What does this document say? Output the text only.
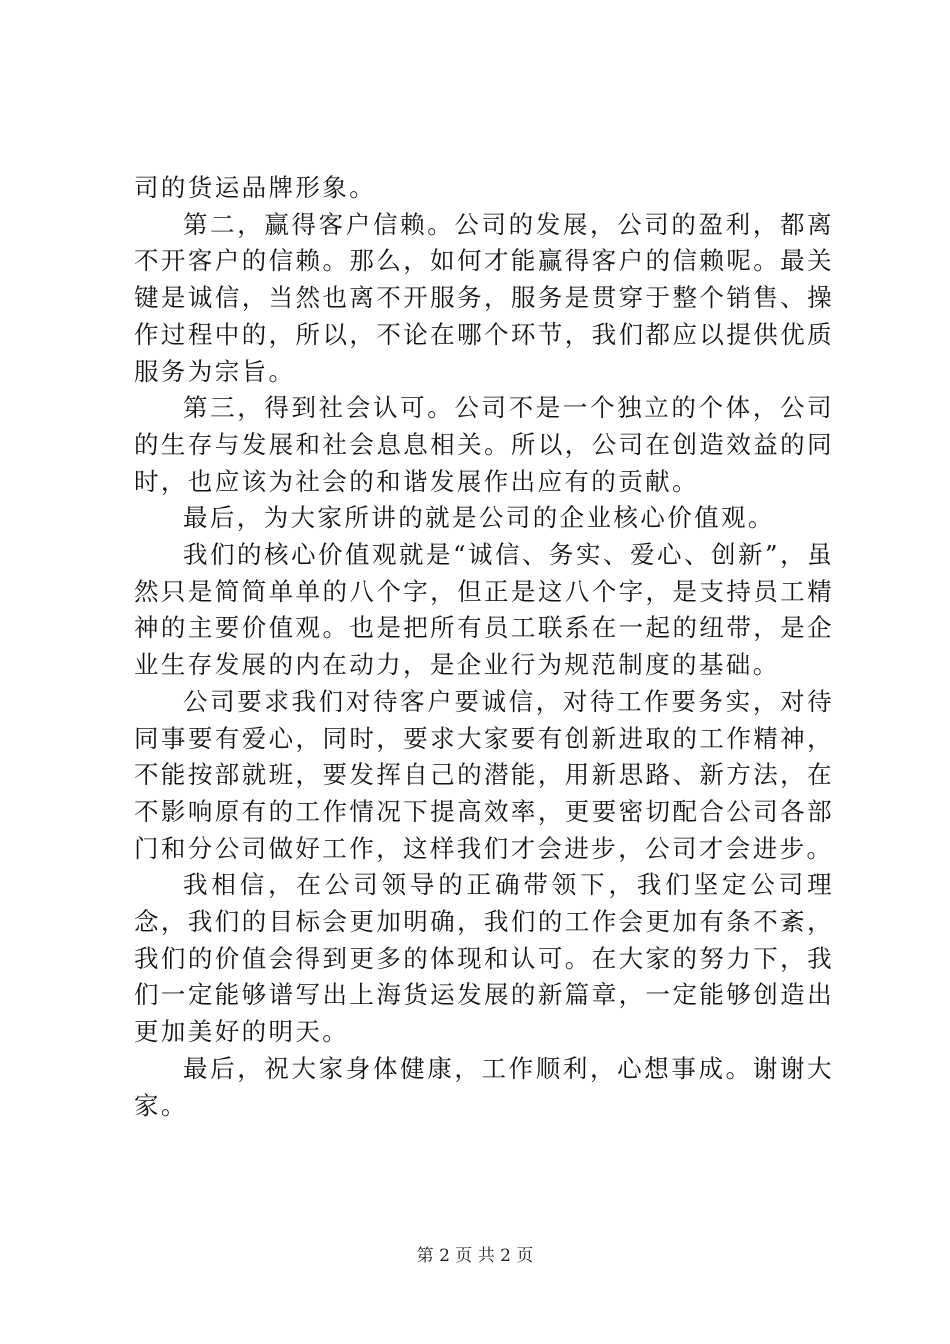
司的货运品牌形象。

第二，赢得客户信赖。公司的发展，公司的盈利，都离不开客户的信赖。那么，如何才能赢得客户的信赖呢。最关键是诚信，当然也离不开服务，服务是贯穿于整个销售、操作过程中的，所以，不论在哪个环节，我们都应以提供优质服务为宗旨。

第三，得到社会认可。公司不是一个独立的个体，公司的生存与发展和社会息息相关。所以，公司在创造效益的同时，也应该为社会的和谐发展作出应有的贡献。

最后，为大家所讲的就是公司的企业核心价值观。

我们的核心价值观就是“诚信、务实、爱心、创新”，虽然只是简简单单的八个字，但正是这八个字，是支持员工精神的主要价值观。也是把所有员工联系在一起的纽带，是企业生存发展的内在动力，是企业行为规范制度的基础。

公司要求我们对待客户要诚信，对待工作要务实，对待同事要有爱心，同时，要求大家要有创新进取的工作精神，不能按部就班，要发挥自己的潜能，用新思路、新方法，在不影响原有的工作情况下提高效率，更要密切配合公司各部门和分公司做好工作，这样我们才会进步，公司才会进步。

我相信，在公司领导的正确带领下，我们坚定公司理念，我们的目标会更加明确，我们的工作会更加有条不紊，我们的价值会得到更多的体现和认可。在大家的努力下，我们一定能够谱写出上海货运发展的新篇章，一定能够创造出更加美好的明天。

最后，祝大家身体健康，工作顺利，心想事成。谢谢大家。

第 2 页 共 2 页
